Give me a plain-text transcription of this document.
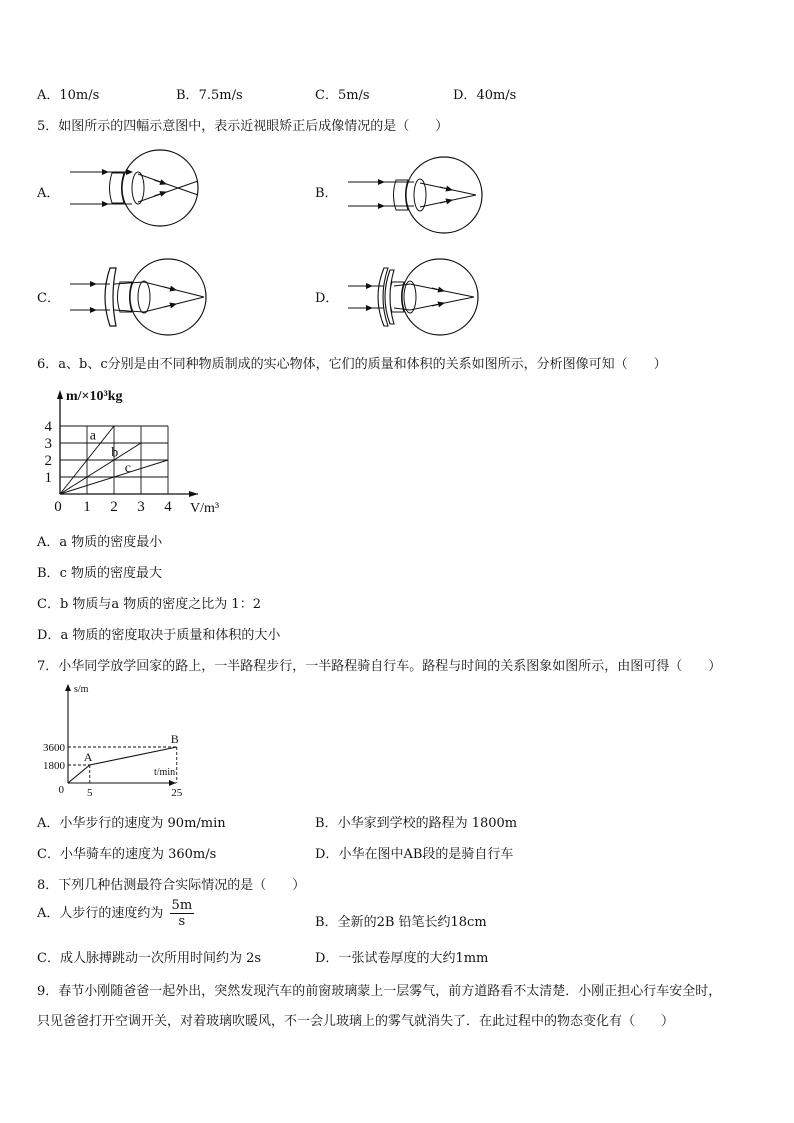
A．10m/s	B．7.5m/s	C．5m/s	D．40m/s
5．如图所示的四幅示意图中，表示近视眼矫正后成像情况的是（　　）
A．	B．
C．	D．
6．a、b、c分别是由不同种物质制成的实心物体，它们的质量和体积的关系如图所示，分析图像可知（　　）
m/×10³kg
V/m³
0 1 2 3 4
1
2
3
4
a
b
c
A．a 物质的密度最小
B．c 物质的密度最大
C．b 物质与a 物质的密度之比为 1：2
D．a 物质的密度取决于质量和体积的大小
7．小华同学放学回家的路上，一半路程步行，一半路程骑自行车。路程与时间的关系图象如图所示，由图可得（　　）
s/m
t/min
0
1800
3600
5	25
A
B
A．小华步行的速度为 90m/min	B．小华家到学校的路程为 1800m
C．小华骑车的速度为 360m/s	D．小华在图中AB段的是骑自行车
8．下列几种估测最符合实际情况的是（　　）
A．人步行的速度约为 $\frac{5m}{s}$	B．全新的2B 铅笔长约18cm
C．成人脉搏跳动一次所用时间约为 2s	D．一张试卷厚度的大约1mm
9．春节小刚随爸爸一起外出，突然发现汽车的前窗玻璃蒙上一层雾气，前方道路看不太清楚．小刚正担心行车安全时，
只见爸爸打开空调开关，对着玻璃吹暖风，不一会儿玻璃上的雾气就消失了．在此过程中的物态变化有（　　）
